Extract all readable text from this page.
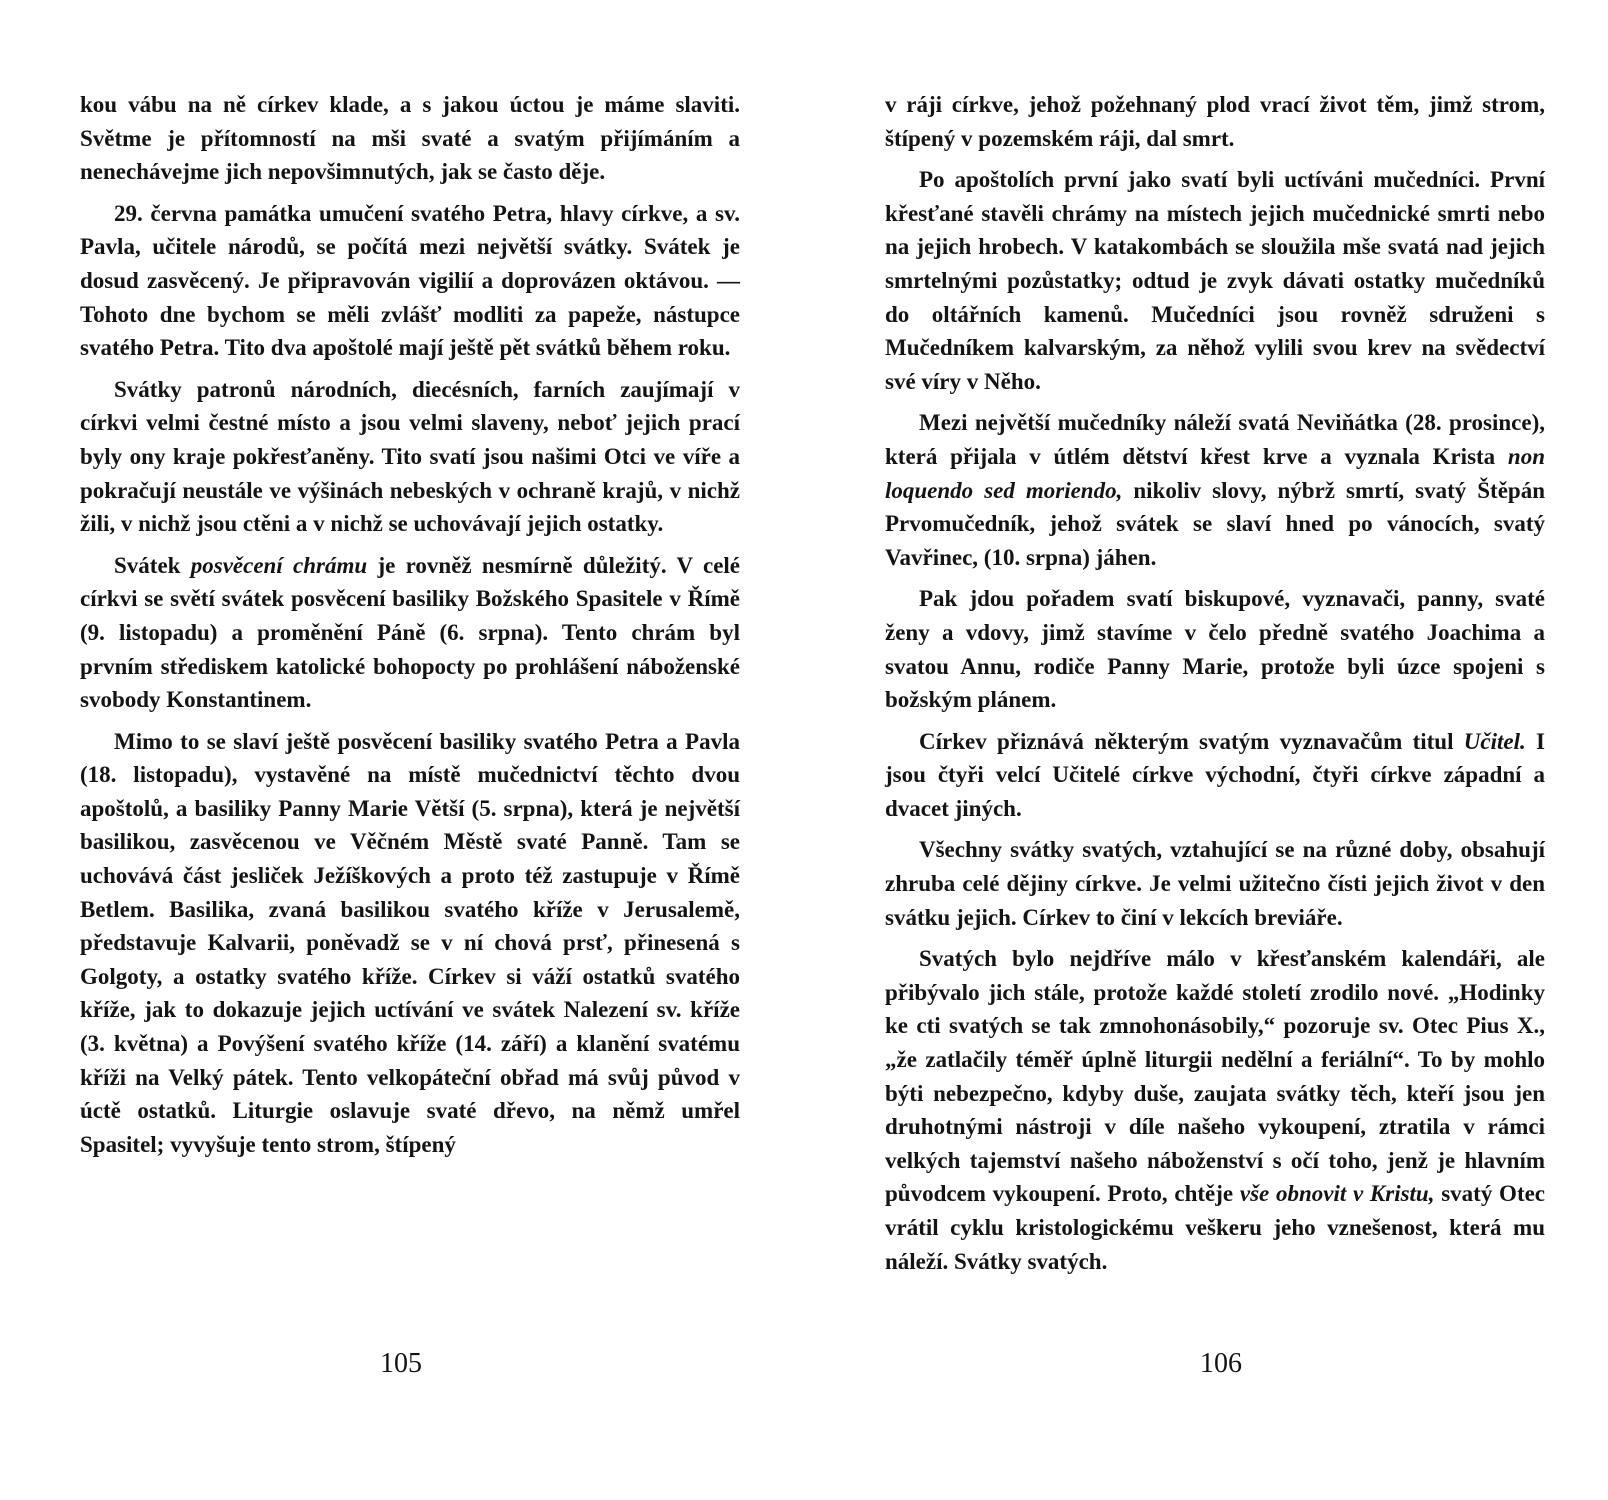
kou vábu na ně církev klade, a s jakou úctou je máme slaviti. Světme je přítomností na mši svaté a svatým přijímáním a nenechávejme jich nepovšimnutých, jak se často děje.

29. června památka umučení svatého Petra, hlavy církve, a sv. Pavla, učitele národů, se počítá mezi největší svátky. Svátek je dosud zasvěcený. Je připravován vigilií a doprovázen oktávou. — Tohoto dne bychom se měli zvlášť modliti za papeže, nástupce svatého Petra. Tito dva apoštolé mají ještě pět svátků během roku.

Svátky patronů národních, diecésních, farních zaujímají v církvi velmi čestné místo a jsou velmi slaveny, neboť jejich prací byly ony kraje pokřesťaněny. Tito svatí jsou našimi Otci ve víře a pokračují neustále ve výšinách nebeských v ochraně krajů, v nichž žili, v nichž jsou ctěni a v nichž se uchovávají jejich ostatky.

Svátek posvěcení chrámu je rovněž nesmírně důležitý. V celé církvi se světí svátek posvěcení basiliky Božského Spasitele v Římě (9. listopadu) a proměnění Páně (6. srpna). Tento chrám byl prvním střediskem katolické bohopocty po prohlášení náboženské svobody Konstantinem.

Mimo to se slaví ještě posvěcení basiliky svatého Petra a Pavla (18. listopadu), vystavěné na místě mučednictví těchto dvou apoštolů, a basiliky Panny Marie Větší (5. srpna), která je největší basilikou, zasvěcenou ve Věčném Městě svaté Panně. Tam se uchovává část jesliček Ježíškových a proto též zastupuje v Římě Betlem. Basilika, zvaná basilikou svatého kříže v Jerusalemě, představuje Kalvarii, poněvadž se v ní chová prsť, přinesená s Golgoty, a ostatky svatého kříže. Církev si váží ostatků svatého kříže, jak to dokazuje jejich uctívání ve svátek Nalezení sv. kříže (3. května) a Povýšení svatého kříže (14. září) a klanění svatému kříži na Velký pátek. Tento velkopáteční obřad má svůj původ v úctě ostatků. Liturgie oslavuje svaté dřevo, na němž umřel Spasitel; vyvyšuje tento strom, štípený

105

v ráji církve, jehož požehnaný plod vrací život těm, jimž strom, štípený v pozemském ráji, dal smrt.

Po apoštolích první jako svatí byli uctíváni mučedníci. První křesťané stavěli chrámy na místech jejich mučednické smrti nebo na jejich hrobech. V katakombách se sloužila mše svatá nad jejich smrtelnými pozůstatky; odtud je zvyk dávati ostatky mučedníků do oltářních kamenů. Mučedníci jsou rovněž sdruženi s Mučedníkem kalvarským, za něhož vylili svou krev na svědectví své víry v Něho.

Mezi největší mučedníky náleží svatá Neviňátka (28. prosince), která přijala v útlém dětství křest krve a vyznala Krista non loquendo sed moriendo, nikoliv slovy, nýbrž smrtí, svatý Štěpán Prvomučedník, jehož svátek se slaví hned po vánocích, svatý Vavřinec, (10. srpna) jáhen.

Pak jdou pořadem svatí biskupové, vyznavači, panny, svaté ženy a vdovy, jimž stavíme v čelo předně svatého Joachima a svatou Annu, rodiče Panny Marie, protože byli úzce spojeni s božským plánem.

Církev přiznává některým svatým vyznavačům titul Učitel. I jsou čtyři velcí Učitelé církve východní, čtyři církve západní a dvacet jiných.

Všechny svátky svatých, vztahující se na různé doby, obsahují zhruba celé dějiny církve. Je velmi užitečno čísti jejich život v den svátku jejich. Církev to činí v lekcích breviáře.

Svatých bylo nejdříve málo v křesťanském kalendáři, ale přibývalo jich stále, protože každé století zrodilo nové. „Hodinky ke cti svatých se tak zmnohonásobily,“ pozoruje sv. Otec Pius X., „že zatlačily téměř úplně liturgii nedělní a feriální“. To by mohlo býti nebezpečno, kdyby duše, zaujata svátky těch, kteří jsou jen druhotnými nástroji v díle našeho vykoupení, ztratila v rámci velkých tajemství našeho náboženství s očí toho, jenž je hlavním původcem vykoupení. Proto, chtěje vše obnovit v Kristu, svatý Otec vrátil cyklu kristologickému veškeru jeho vznešenost, která mu náleží. Svátky svatých.

106
